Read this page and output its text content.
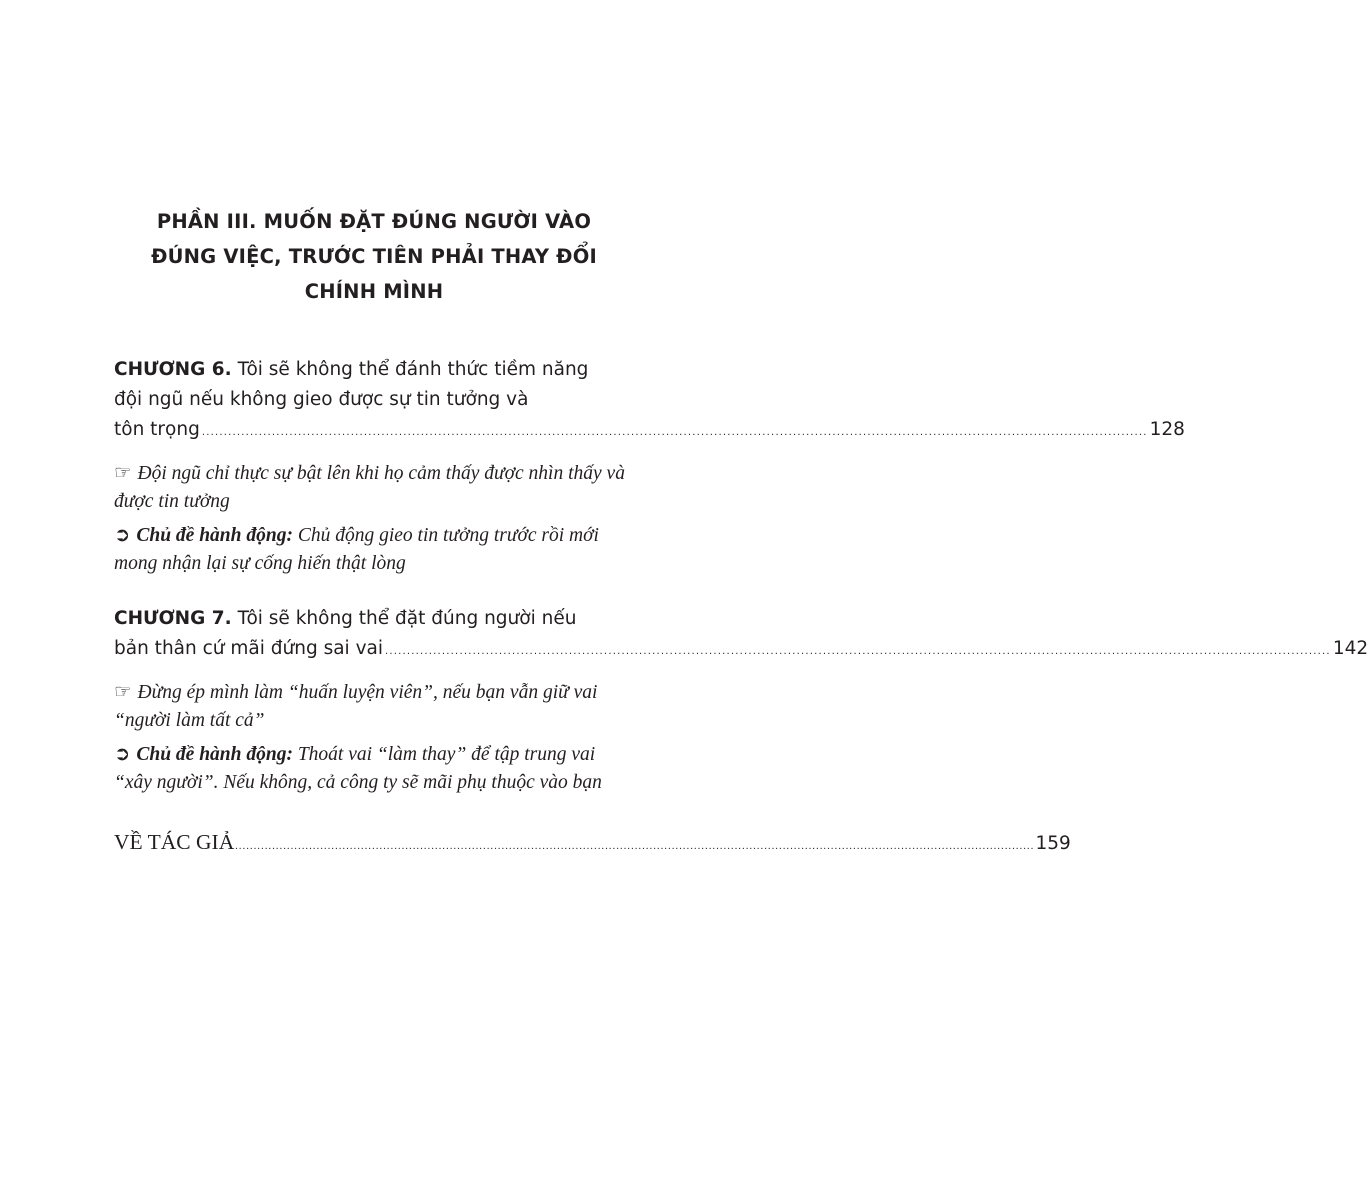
PHẦN III. MUỐN ĐẶT ĐÚNG NGƯỜI VÀO
ĐÚNG VIỆC, TRƯỚC TIÊN PHẢI THAY ĐỔI
CHÍNH MÌNH
CHƯƠNG 6. Tôi sẽ không thể đánh thức tiềm năng
đội ngũ nếu không gieo được sự tin tưởng và
tôn trọng ........................................................................................................................................................................................................................ 128
☞ Đội ngũ chỉ thực sự bật lên khi họ cảm thấy được nhìn thấy và
được tin tưởng
➲ Chủ đề hành động: Chủ động gieo tin tưởng trước rồi mới
mong nhận lại sự cống hiến thật lòng
CHƯƠNG 7. Tôi sẽ không thể đặt đúng người nếu
bản thân cứ mãi đứng sai vai ........................................................................................................................................................................................................................ 142
☞ Đừng ép mình làm “huấn luyện viên”, nếu bạn vẫn giữ vai
“người làm tất cả”
➲ Chủ đề hành động: Thoát vai “làm thay” để tập trung vai
“xây người”. Nếu không, cả công ty sẽ mãi phụ thuộc vào bạn
VỀ TÁC GIẢ ........................................................................................................................................................................................................................ 159
